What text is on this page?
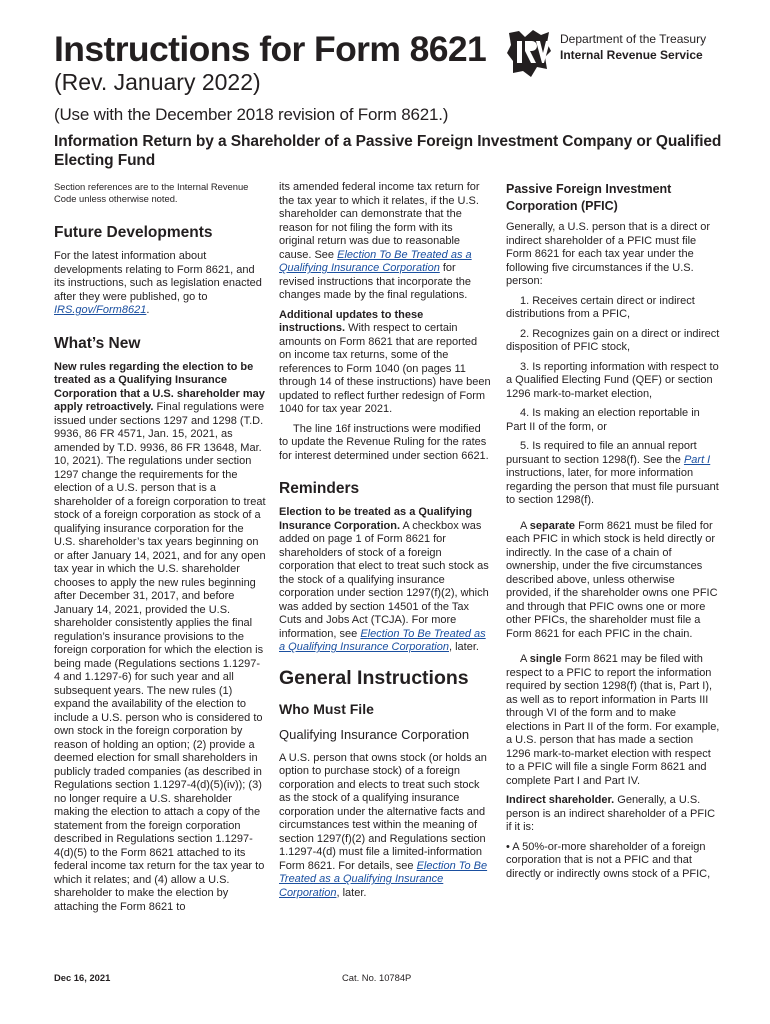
Instructions for Form 8621
(Rev. January 2022)
(Use with the December 2018 revision of Form 8621.)
Information Return by a Shareholder of a Passive Foreign Investment Company or Qualified Electing Fund
Department of the Treasury
Internal Revenue Service

Section references are to the Internal Revenue Code unless otherwise noted.

Future Developments

For the latest information about developments relating to Form 8621, and its instructions, such as legislation enacted after they were published, go to IRS.gov/Form8621.

What’s New

New rules regarding the election to be treated as a Qualifying Insurance Corporation that a U.S. shareholder may apply retroactively. Final regulations were issued under sections 1297 and 1298 (T.D. 9936, 86 FR 4571, Jan. 15, 2021, as amended by T.D. 9936, 86 FR 13648, Mar. 10, 2021). The regulations under section 1297 change the requirements for the election of a U.S. person that is a shareholder of a foreign corporation to treat stock of a foreign corporation as stock of a qualifying insurance corporation for the U.S. shareholder’s tax years beginning on or after January 14, 2021, and for any open tax year in which the U.S. shareholder chooses to apply the new rules beginning after December 31, 2017, and before January 14, 2021, provided the U.S. shareholder consistently applies the final regulation’s insurance provisions to the foreign corporation for which the election is being made (Regulations sections 1.1297-4 and 1.1297-6) for such year and all subsequent years. The new rules (1) expand the availability of the election to include a U.S. person who is considered to own stock in the foreign corporation by reason of holding an option; (2) provide a deemed election for small shareholders in publicly traded companies (as described in Regulations section 1.1297-4(d)(5)(iv)); (3) no longer require a U.S. shareholder making the election to attach a copy of the statement from the foreign corporation described in Regulations section 1.1297-4(d)(5) to the Form 8621 attached to its federal income tax return for the tax year to which it relates; and (4) allow a U.S. shareholder to make the election by attaching the Form 8621 to

its amended federal income tax return for the tax year to which it relates, if the U.S. shareholder can demonstrate that the reason for not filing the form with its original return was due to reasonable cause. See Election To Be Treated as a Qualifying Insurance Corporation for revised instructions that incorporate the changes made by the final regulations.

Additional updates to these instructions. With respect to certain amounts on Form 8621 that are reported on income tax returns, some of the references to Form 1040 (on pages 11 through 14 of these instructions) have been updated to reflect further redesign of Form 1040 for tax year 2021.

The line 16f instructions were modified to update the Revenue Ruling for the rates for interest determined under section 6621.

Reminders

Election to be treated as a Qualifying Insurance Corporation. A checkbox was added on page 1 of Form 8621 for shareholders of stock of a foreign corporation that elect to treat such stock as the stock of a qualifying insurance corporation under section 1297(f)(2), which was added by section 14501 of the Tax Cuts and Jobs Act (TCJA). For more information, see Election To Be Treated as a Qualifying Insurance Corporation, later.

General Instructions
Who Must File
Qualifying Insurance Corporation

A U.S. person that owns stock (or holds an option to purchase stock) of a foreign corporation and elects to treat such stock as the stock of a qualifying insurance corporation under the alternative facts and circumstances test within the meaning of section 1297(f)(2) and Regulations section 1.1297-4(d) must file a limited-information Form 8621. For details, see Election To Be Treated as a Qualifying Insurance Corporation, later.

Passive Foreign Investment Corporation (PFIC)

Generally, a U.S. person that is a direct or indirect shareholder of a PFIC must file Form 8621 for each tax year under the following five circumstances if the U.S. person:

1. Receives certain direct or indirect distributions from a PFIC,

2. Recognizes gain on a direct or indirect disposition of PFIC stock,

3. Is reporting information with respect to a Qualified Electing Fund (QEF) or section 1296 mark-to-market election,

4. Is making an election reportable in Part II of the form, or

5. Is required to file an annual report pursuant to section 1298(f). See the Part I instructions, later, for more information regarding the person that must file pursuant to section 1298(f).

A separate Form 8621 must be filed for each PFIC in which stock is held directly or indirectly. In the case of a chain of ownership, under the five circumstances described above, unless otherwise provided, if the shareholder owns one PFIC and through that PFIC owns one or more other PFICs, the shareholder must file a Form 8621 for each PFIC in the chain.

A single Form 8621 may be filed with respect to a PFIC to report the information required by section 1298(f) (that is, Part I), as well as to report information in Parts III through VI of the form and to make elections in Part II of the form. For example, a U.S. person that has made a section 1296 mark-to-market election with respect to a PFIC will file a single Form 8621 and complete Part I and Part IV.

Indirect shareholder. Generally, a U.S. person is an indirect shareholder of a PFIC if it is:

• A 50%-or-more shareholder of a foreign corporation that is not a PFIC and that directly or indirectly owns stock of a PFIC,

Dec 16, 2021	Cat. No. 10784P
